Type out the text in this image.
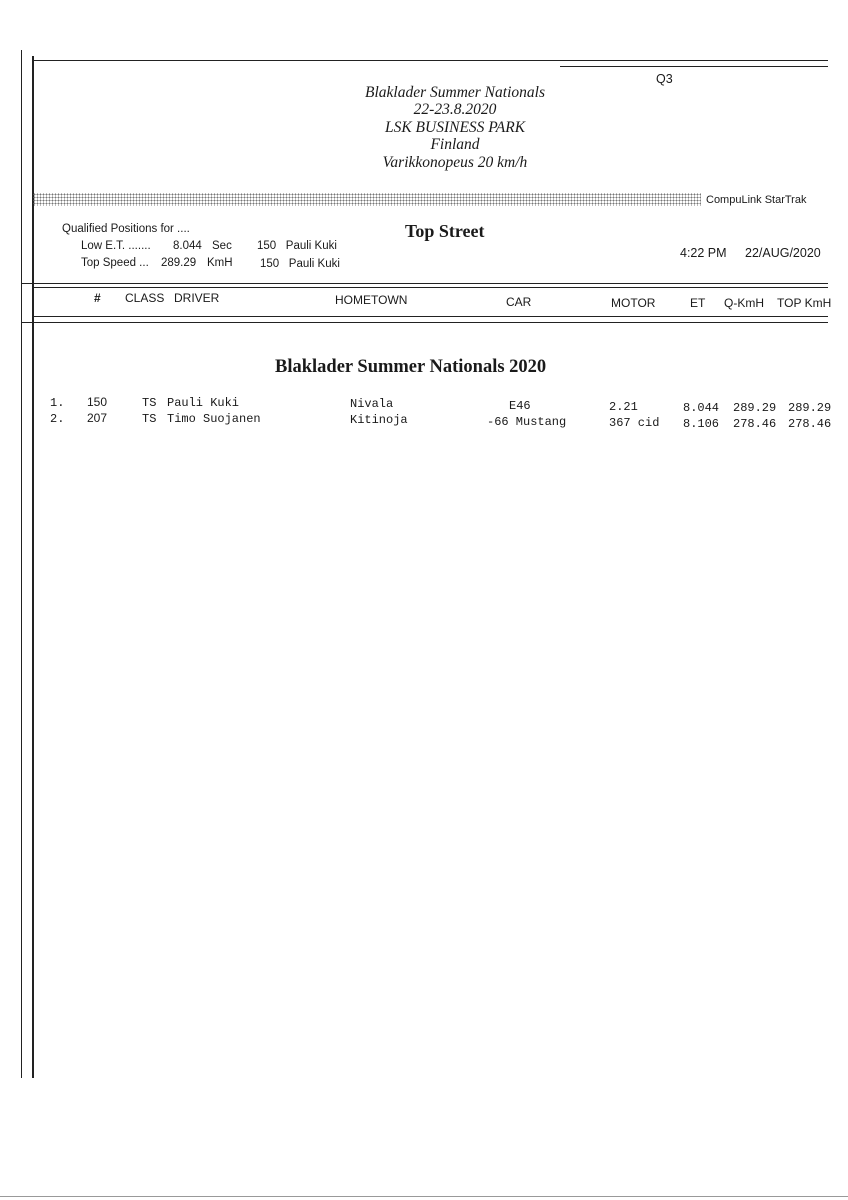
Q3
Blaklader Summer Nationals
22-23.8.2020
LSK BUSINESS PARK
Finland
Varikkonopeus 20 km/h
CompuLink StarTrak
Qualified Positions for ....
Low E.T. ....... 8.044 Sec 150   Pauli Kuki
Top Speed ... 289.29 KmH 150   Pauli Kuki
Top Street
4:22 PM 22/AUG/2020
# CLASS DRIVER	HOMETOWN	CAR	MOTOR	ET Q-KmH TOP KmH
Blaklader Summer Nationals 2020
1. 150	TS Pauli Kuki	Nivala	E46	2.21	8.044 289.29 289.29
2. 207	TS Timo Suojanen	Kitinoja	-66 Mustang	367 cid 8.106 278.46 278.46
